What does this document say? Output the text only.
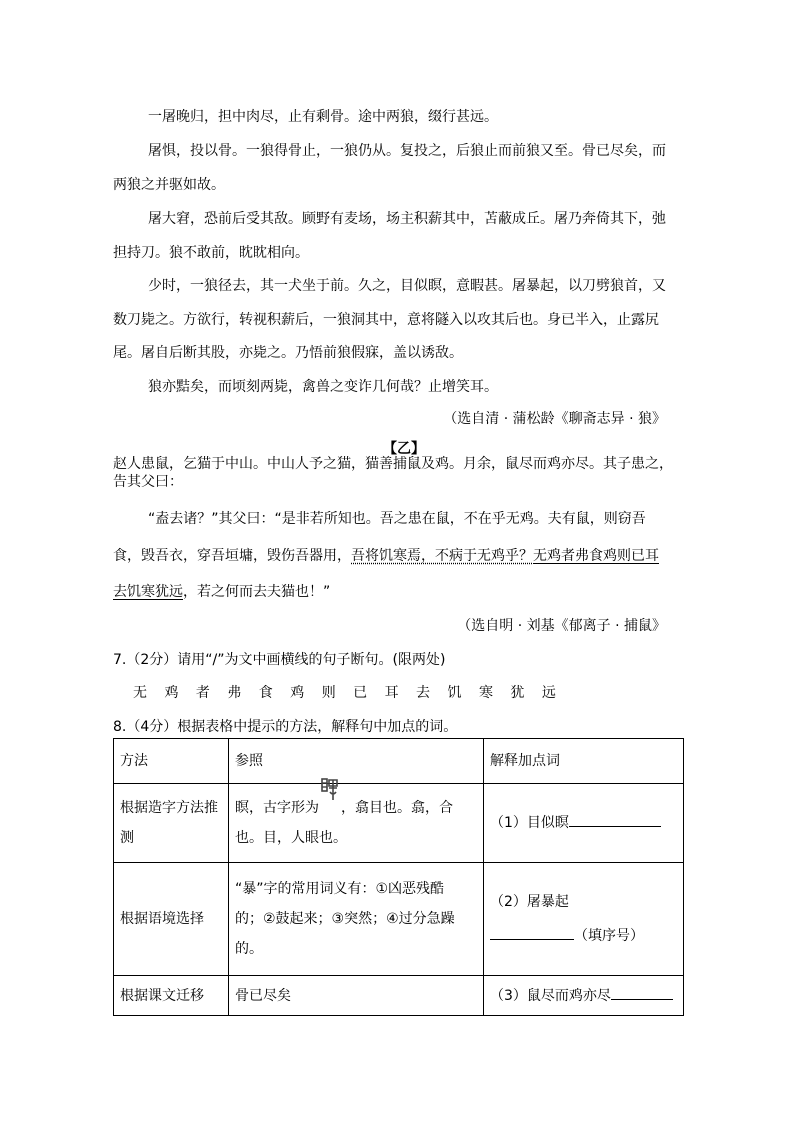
一屠晚归，担中肉尽，止有剩骨。途中两狼，缀行甚远。
屠惧，投以骨。一狼得骨止，一狼仍从。复投之，后狼止而前狼又至。骨已尽矣，而
两狼之并驱如故。
屠大窘，恐前后受其敌。顾野有麦场，场主积薪其中，苫蔽成丘。屠乃奔倚其下，弛
担持刀。狼不敢前，眈眈相向。
少时，一狼径去，其一犬坐于前。久之，目似瞑，意暇甚。屠暴起，以刀劈狼首，又
数刀毙之。方欲行，转视积薪后，一狼洞其中，意将隧入以攻其后也。身已半入，止露尻
尾。屠自后断其股，亦毙之。乃悟前狼假寐，盖以诱敌。
狼亦黠矣，而顷刻两毙，禽兽之变诈几何哉？止增笑耳。
（选自清 · 蒲松龄《聊斋志异 · 狼》
【乙】
赵人患鼠，乞猫于中山。中山人予之猫，猫善捕鼠及鸡。月余，鼠尽而鸡亦尽。其子患之，
告其父曰：
“盍去诸？”其父曰：“是非若所知也。吾之患在鼠，不在乎无鸡。夫有鼠，则窃吾
食，毁吾衣，穿吾垣墉，毁伤吾器用，吾将饥寒焉，不病于无鸡乎？无鸡者弗食鸡则已耳
去饥寒犹远，若之何而去夫猫也！”
（选自明 · 刘基《郁离子 · 捕鼠》
7.（2分）请用“/”为文中画横线的句子断句。(限两处)
无 鸡 者 弗 食 鸡 则 已 耳 去 饥 寒 犹 远
8.（4分）根据表格中提示的方法，解释句中加点的词。
方法	参照	解释加点词
根据造字方法推测	瞑，古字形为 ，翕目也。翕，合也。目，人眼也。	（1）目似瞑
根据语境选择	“暴”字的常用词义有：①凶恶残酷的；②鼓起来；③突然；④过分急躁的。	（2）屠暴起
（填序号）
根据课文迁移	骨已尽矣	（3）鼠尽而鸡亦尽
